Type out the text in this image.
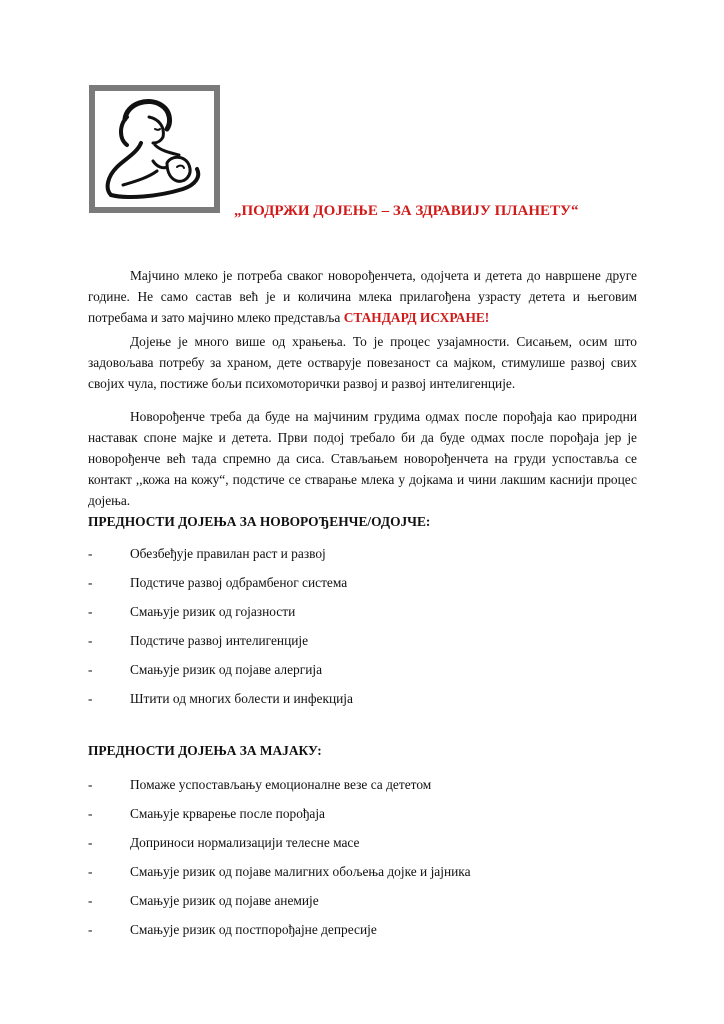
„ПОДРЖИ ДОЈЕЊЕ – ЗА ЗДРАВИЈУ ПЛАНЕТУ“

Мајчино млеко је потреба сваког новорођенчета, одојчета и детета до навршене друге године. Не само састав већ је и количина млека прилагођена узрасту детета и његовим потребама и зато мајчино млеко представља СТАНДАРД ИСХРАНЕ!

Дојење је много више од храњења. То је процес узајамности. Сисањем, осим што задовољава потребу за храном, дете остварује повезаност са мајком, стимулише развој свих својих чула, постиже бољи психомоторички развој и развој интелигенције.

Новорођенче треба да буде на мајчиним грудима одмах после порођаја као природни наставак споне мајке и детета. Први подој требало би да буде одмах после порођаја јер је новорођенче већ тада спремно да сиса. Стављањем новорођенчета на груди успоставља се контакт ,,кожа на кожу“, подстиче се стварање млека у дојкама и чини лакшим каснији процес дојења.

ПРЕДНОСТИ ДОЈЕЊА ЗА НОВОРОЂЕНЧЕ/ОДОЈЧЕ:
-	Обезбеђује правилан раст и развој
-	Подстиче развој одбрамбеног система
-	Смањује ризик од гојазности
-	Подстиче развој интелигенције
-	Смањује ризик од појаве алергија
-	Штити од многих болести и инфекција
ПРЕДНОСТИ ДОЈЕЊА ЗА МАЈАКУ:
-	Помаже успостављању емоционалне везе са дететом
-	Смањује крварење после порођаја
-	Доприноси нормализацији телесне масе
-	Смањује ризик од појаве малигних обољења дојке и јајника
-	Смањује ризик од појаве анемије
-	Смањује ризик од постпорођајне депресије
